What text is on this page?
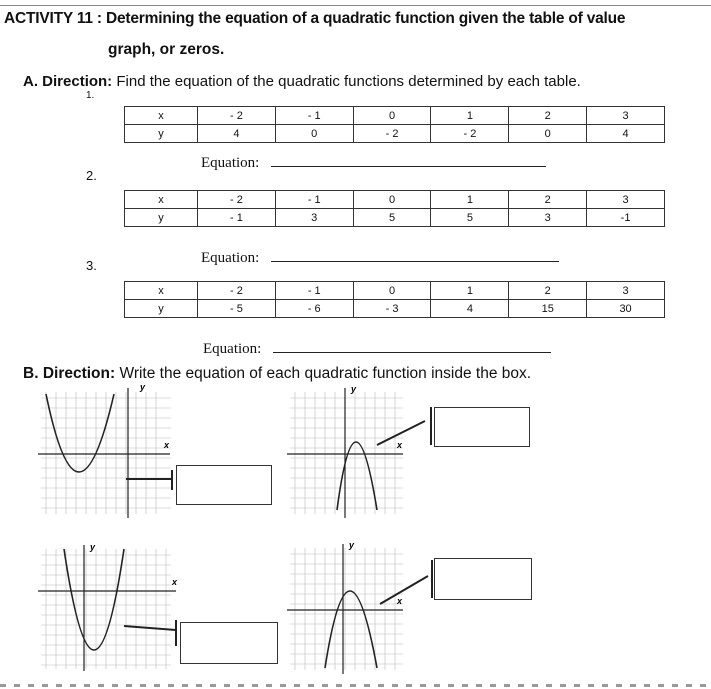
ACTIVITY 11 : Determining the equation of a quadratic function given the table of value
graph, or zeros.
A. Direction: Find the equation of the quadratic functions determined by each table.
1.
x	- 2	- 1	0	1	2	3
y	4	0	- 2	- 2	0	4
Equation:
2.
x	- 2	- 1	0	1	2	3
y	- 1	3	5	5	3	-1
Equation:
3.
x	- 2	- 1	0	1	2	3
y	- 5	- 6	- 3	4	15	30
Equation:
B. Direction: Write the equation of each quadratic function inside the box.
y
x
y
x
y
x
y
x
